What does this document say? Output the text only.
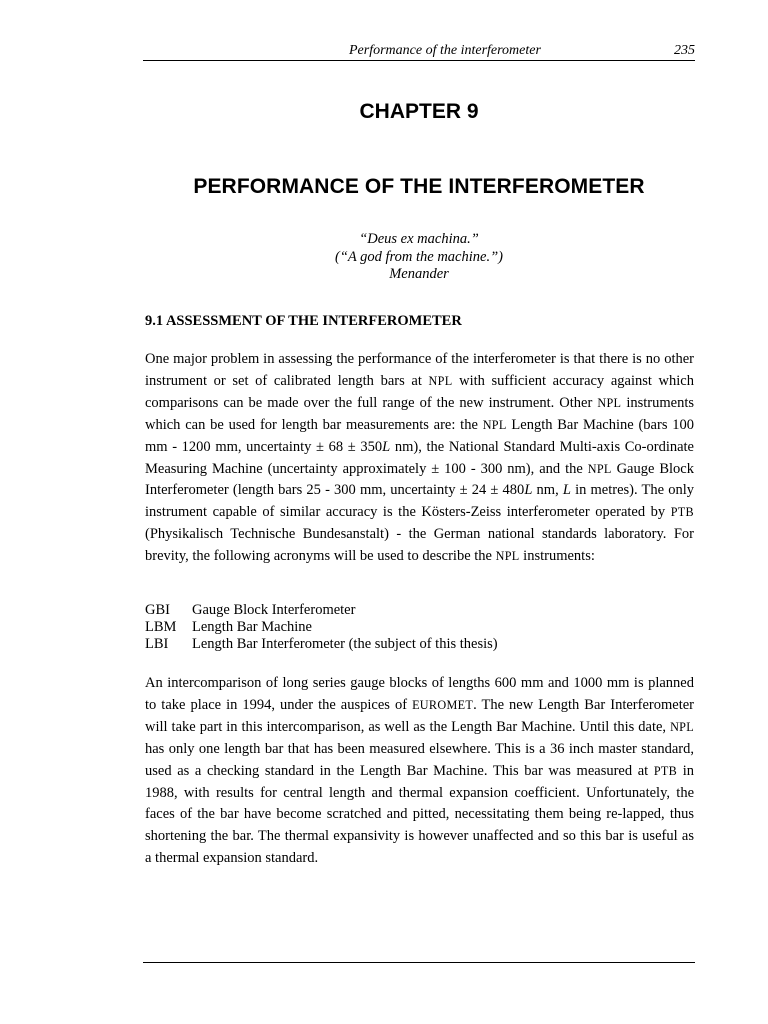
Performance of the interferometer	235
CHAPTER 9
PERFORMANCE OF THE INTERFEROMETER
“Deus ex machina.”
(“A god from the machine.”)
Menander
9.1 ASSESSMENT OF THE INTERFEROMETER

One major problem in assessing the performance of the interferometer is that there is no other instrument or set of calibrated length bars at NPL with sufficient accuracy against which comparisons can be made over the full range of the new instrument. Other NPL instruments which can be used for length bar measurements are: the NPL Length Bar Machine (bars 100 mm - 1200 mm, uncertainty ± 68 ± 350L nm), the National Standard Multi-axis Co-ordinate Measuring Machine (uncertainty approximately ± 100 - 300 nm), and the NPL Gauge Block Interferometer (length bars 25 - 300 mm, uncertainty ± 24 ± 480L nm, L in metres). The only instrument capable of similar accuracy is the Kösters-Zeiss interferometer operated by PTB (Physikalisch Technische Bundesanstalt) - the German national standards laboratory. For brevity, the following acronyms will be used to describe the NPL instruments:

GBI	Gauge Block Interferometer
LBM	Length Bar Machine
LBI	Length Bar Interferometer (the subject of this thesis)

An intercomparison of long series gauge blocks of lengths 600 mm and 1000 mm is planned to take place in 1994, under the auspices of EUROMET. The new Length Bar Interferometer will take part in this intercomparison, as well as the Length Bar Machine. Until this date, NPL has only one length bar that has been measured elsewhere. This is a 36 inch master standard, used as a checking standard in the Length Bar Machine. This bar was measured at PTB in 1988, with results for central length and thermal expansion coefficient. Unfortunately, the faces of the bar have become scratched and pitted, necessitating them being re-lapped, thus shortening the bar. The thermal expansivity is however unaffected and so this bar is useful as a thermal expansion standard.
